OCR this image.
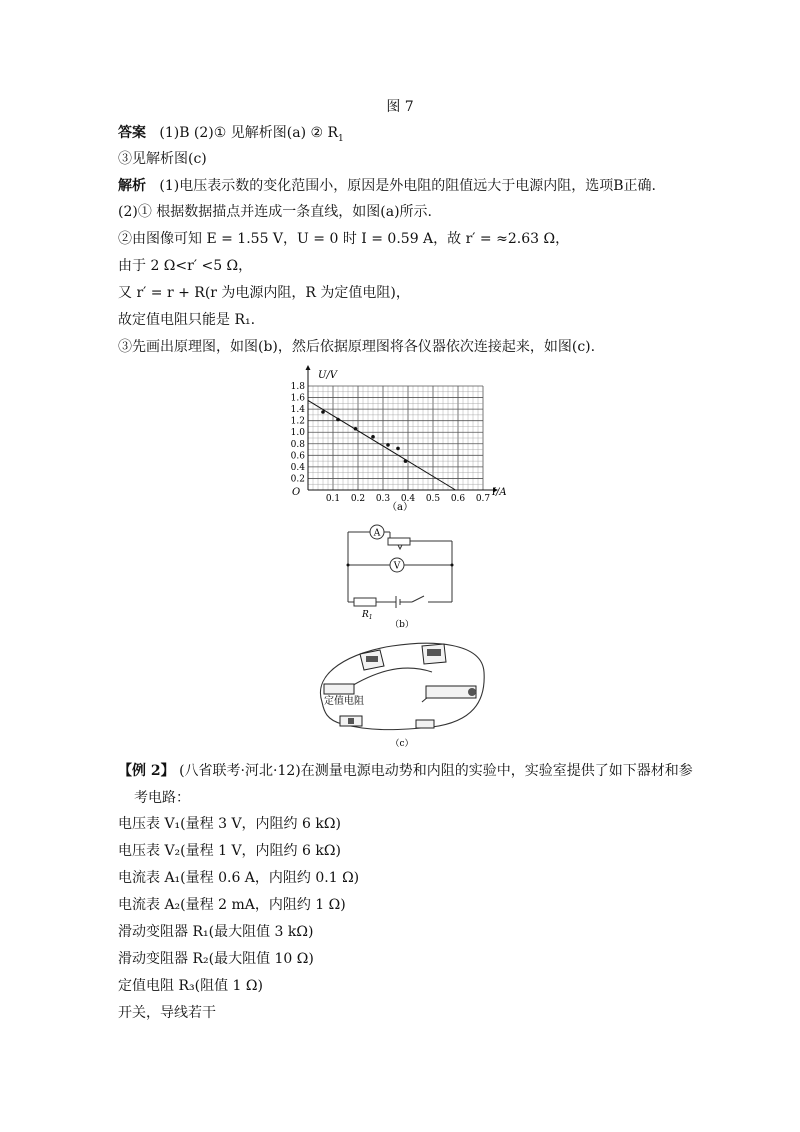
图 7
答案 (1)B (2)① 见解析图(a) ② $R_1$
③见解析图(c)
解析 (1)电压表示数的变化范围小，原因是外电阻的阻值远大于电源内阻，选项B正确.
(2)① 根据数据描点并连成一条直线，如图(a)所示.
②由图像可知 E = 1.55 V，U = 0 时 I = 0.59 A，故 r′ = ≈2.63 Ω，
由于 2 Ω<r′ <5 Ω，
又 r′ = r + R(r 为电源内阻，R 为定值电阻)，
故定值电阻只能是 R₁.
③先画出原理图，如图(b)，然后依据原理图将各仪器依次连接起来，如图(c).
0.1 0.2 0.3 0.4 0.5 0.6 0.7
0.2
0.4
0.6
0.8
1.0
1.2
1.4
1.6
1.8
U/V
I/A
O
（a）
A
V
$R_1$
（b）
定值电阻
（c）
【例 2】 (八省联考·河北·12)在测量电源电动势和内阻的实验中，实验室提供了如下器材和参
考电路：
电压表 V₁(量程 3 V，内阻约 6 kΩ)
电压表 V₂(量程 1 V，内阻约 6 kΩ)
电流表 A₁(量程 0.6 A，内阻约 0.1 Ω)
电流表 A₂(量程 2 mA，内阻约 1 Ω)
滑动变阻器 R₁(最大阻值 3 kΩ)
滑动变阻器 R₂(最大阻值 10 Ω)
定值电阻 R₃(阻值 1 Ω)
开关，导线若干
